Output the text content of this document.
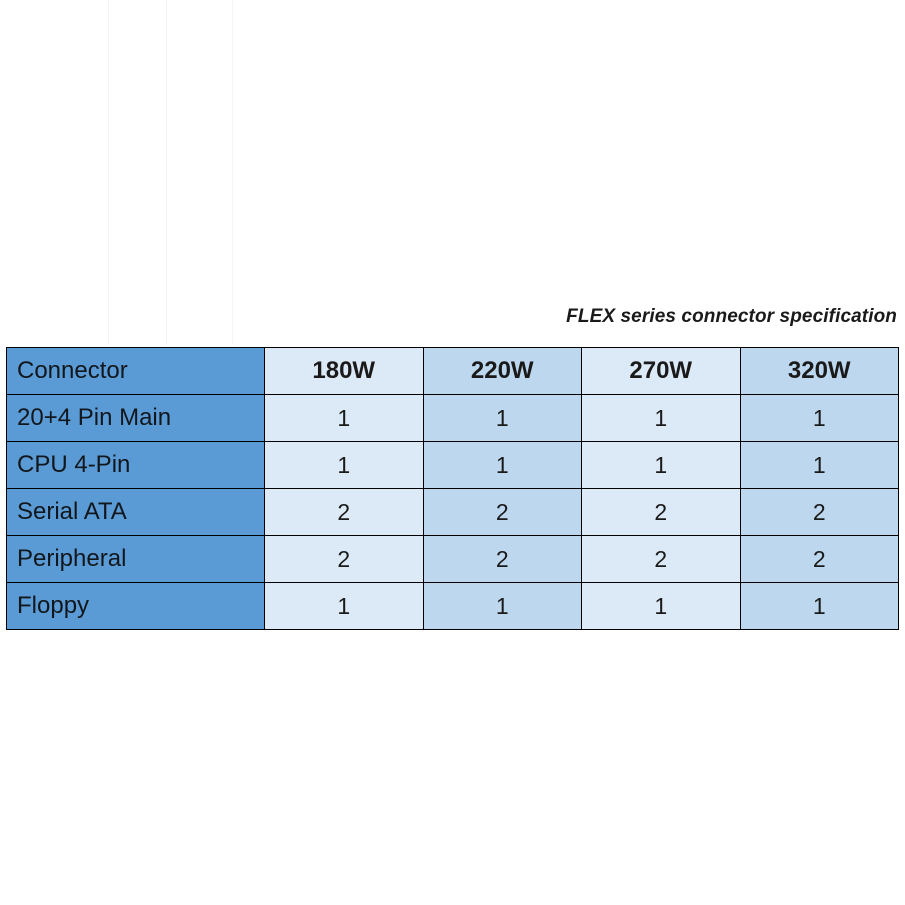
FLEX series connector specification
Connector	180W	220W	270W	320W
20+4 Pin Main	1	1	1	1
CPU 4-Pin	1	1	1	1
Serial ATA	2	2	2	2
Peripheral	2	2	2	2
Floppy	1	1	1	1
